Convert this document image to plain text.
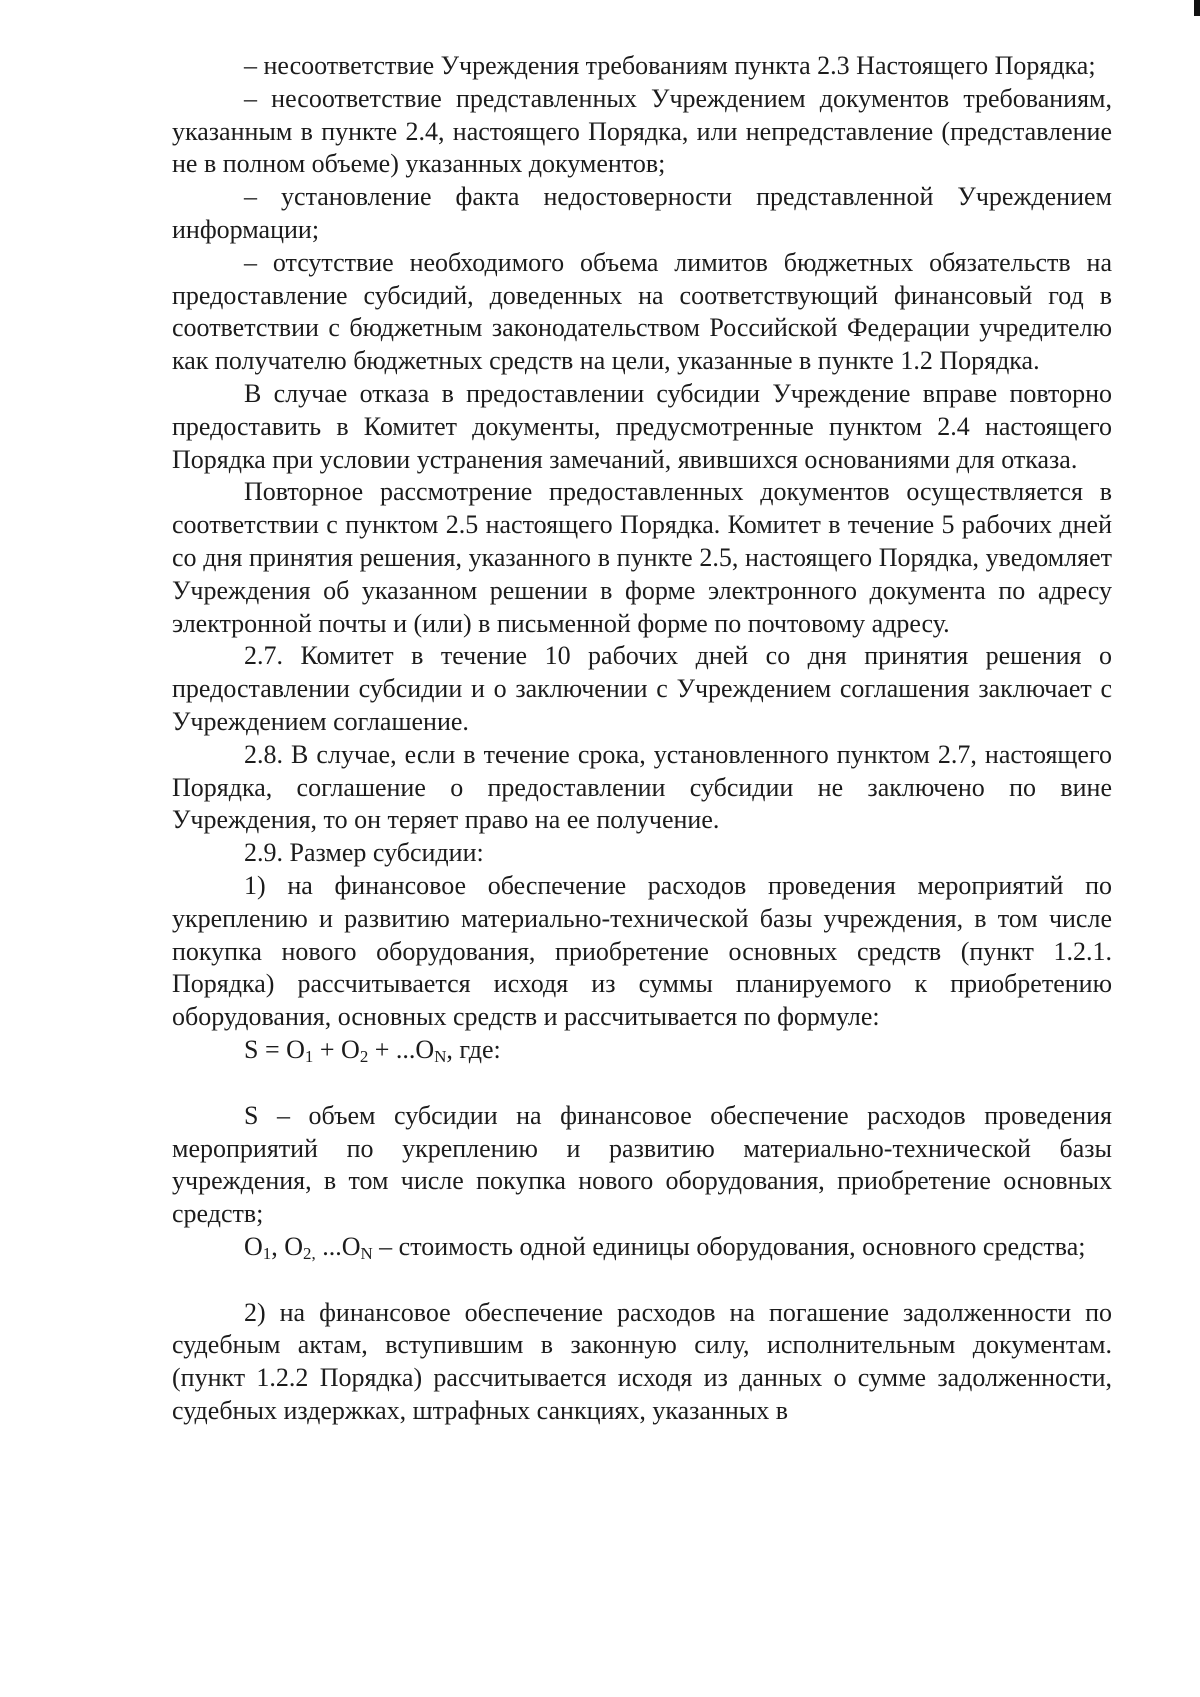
– несоответствие Учреждения требованиям пункта 2.3 Настоящего Порядка;

– несоответствие представленных Учреждением документов требованиям, указанным в пункте 2.4, настоящего Порядка, или непредставление (представление не в полном объеме) указанных документов;

– установление факта недостоверности представленной Учреждением информации;

– отсутствие необходимого объема лимитов бюджетных обязательств на предоставление субсидий, доведенных на соответствующий финансовый год в соответствии с бюджетным законодательством Российской Федерации учредителю как получателю бюджетных средств на цели, указанные в пункте 1.2 Порядка.

В случае отказа в предоставлении субсидии Учреждение вправе повторно предоставить в Комитет документы, предусмотренные пунктом 2.4 настоящего Порядка при условии устранения замечаний, явившихся основаниями для отказа.

Повторное рассмотрение предоставленных документов осуществляется в соответствии с пунктом 2.5 настоящего Порядка. Комитет в течение 5 рабочих дней со дня принятия решения, указанного в пункте 2.5, настоящего Порядка, уведомляет Учреждения об указанном решении в форме электронного документа по адресу электронной почты и (или) в письменной форме по почтовому адресу.

2.7. Комитет в течение 10 рабочих дней со дня принятия решения о предоставлении субсидии и о заключении с Учреждением соглашения заключает с Учреждением соглашение.

2.8. В случае, если в течение срока, установленного пунктом 2.7, настоящего Порядка, соглашение о предоставлении субсидии не заключено по вине Учреждения, то он теряет право на ее получение.

2.9. Размер субсидии:

1) на финансовое обеспечение расходов проведения мероприятий по укреплению и развитию материально-технической базы учреждения, в том числе покупка нового оборудования, приобретение основных средств (пункт 1.2.1. Порядка) рассчитывается исходя из суммы планируемого к приобретению оборудования, основных средств и рассчитывается по формуле:

$S = O_1 + O_2 + ...O_N$, где:

S – объем субсидии на финансовое обеспечение расходов проведения мероприятий по укреплению и развитию материально-технической базы учреждения, в том числе покупка нового оборудования, приобретение основных средств;

$O_1$, $O_{2,}$ $...O_N$ – стоимость одной единицы оборудования, основного средства;

2) на финансовое обеспечение расходов на погашение задолженности по судебным актам, вступившим в законную силу, исполнительным документам. (пункт 1.2.2 Порядка) рассчитывается исходя из данных о сумме задолженности, судебных издержках, штрафных санкциях, указанных в
